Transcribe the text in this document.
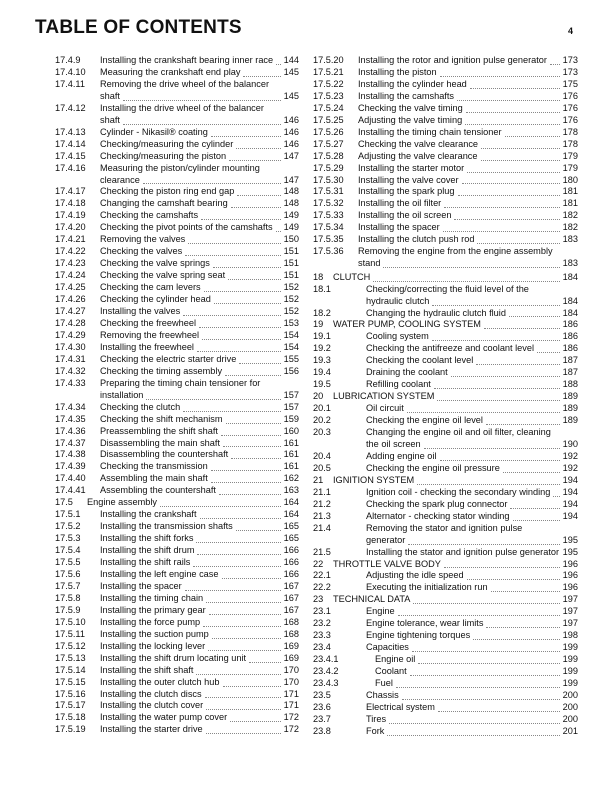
TABLE OF CONTENTS	4
17.4.9 Installing the crankshaft bearing inner race	144
17.4.10 Measuring the crankshaft end play	145
17.4.11 Removing the drive wheel of the balancer shaft	145
17.4.12 Installing the drive wheel of the balancer shaft	146
17.4.13 Cylinder - Nikasil® coating	146
17.4.14 Checking/measuring the cylinder	146
17.4.15 Checking/measuring the piston	147
17.4.16 Measuring the piston/cylinder mounting clearance	147
17.4.17 Checking the piston ring end gap	148
17.4.18 Changing the camshaft bearing	148
17.4.19 Checking the camshafts	149
17.4.20 Checking the pivot points of the camshafts	149
17.4.21 Removing the valves	150
17.4.22 Checking the valves	151
17.4.23 Checking the valve springs	151
17.4.24 Checking the valve spring seat	151
17.4.25 Checking the cam levers	152
17.4.26 Checking the cylinder head	152
17.4.27 Installing the valves	152
17.4.28 Checking the freewheel	153
17.4.29 Removing the freewheel	154
17.4.30 Installing the freewheel	154
17.4.31 Checking the electric starter drive	155
17.4.32 Checking the timing assembly	156
17.4.33 Preparing the timing chain tensioner for installation	157
17.4.34 Checking the clutch	157
17.4.35 Checking the shift mechanism	159
17.4.36 Preassembling the shift shaft	160
17.4.37 Disassembling the main shaft	161
17.4.38 Disassembling the countershaft	161
17.4.39 Checking the transmission	161
17.4.40 Assembling the main shaft	162
17.4.41 Assembling the countershaft	163
17.5 Engine assembly	164
17.5.1 Installing the crankshaft	164
17.5.2 Installing the transmission shafts	165
17.5.3 Installing the shift forks	165
17.5.4 Installing the shift drum	166
17.5.5 Installing the shift rails	166
17.5.6 Installing the left engine case	166
17.5.7 Installing the spacer	167
17.5.8 Installing the timing chain	167
17.5.9 Installing the primary gear	167
17.5.10 Installing the force pump	168
17.5.11 Installing the suction pump	168
17.5.12 Installing the locking lever	169
17.5.13 Installing the shift drum locating unit	169
17.5.14 Installing the shift shaft	170
17.5.15 Installing the outer clutch hub	170
17.5.16 Installing the clutch discs	171
17.5.17 Installing the clutch cover	171
17.5.18 Installing the water pump cover	172
17.5.19 Installing the starter drive	172
17.5.20 Installing the rotor and ignition pulse generator	173
17.5.21 Installing the piston	173
17.5.22 Installing the cylinder head	175
17.5.23 Installing the camshafts	176
17.5.24 Checking the valve timing	176
17.5.25 Adjusting the valve timing	176
17.5.26 Installing the timing chain tensioner	178
17.5.27 Checking the valve clearance	178
17.5.28 Adjusting the valve clearance	179
17.5.29 Installing the starter motor	179
17.5.30 Installing the valve cover	180
17.5.31 Installing the spark plug	181
17.5.32 Installing the oil filter	181
17.5.33 Installing the oil screen	182
17.5.34 Installing the spacer	182
17.5.35 Installing the clutch push rod	183
17.5.36 Removing the engine from the engine assembly stand	183
18 CLUTCH	184
18.1	Checking/correcting the fluid level of the hydraulic clutch	184
18.2	Changing the hydraulic clutch fluid	184
19 WATER PUMP, COOLING SYSTEM	186
19.1	Cooling system	186
19.2	Checking the antifreeze and coolant level	186
19.3	Checking the coolant level	187
19.4	Draining the coolant	187
19.5	Refilling coolant	188
20 LUBRICATION SYSTEM	189
20.1	Oil circuit	189
20.2	Checking the engine oil level	189
20.3	Changing the engine oil and oil filter, cleaning the oil screen	190
20.4	Adding engine oil	192
20.5	Checking the engine oil pressure	192
21 IGNITION SYSTEM	194
21.1	Ignition coil - checking the secondary winding	194
21.2	Checking the spark plug connector	194
21.3	Alternator - checking stator winding	194
21.4	Removing the stator and ignition pulse generator	195
21.5	Installing the stator and ignition pulse generator 195
22 THROTTLE VALVE BODY	196
22.1	Adjusting the idle speed	196
22.2	Executing the initialization run	196
23 TECHNICAL DATA	197
23.1	Engine	197
23.2	Engine tolerance, wear limits	197
23.3	Engine tightening torques	198
23.4	Capacities	199
23.4.1	Engine oil	199
23.4.2	Coolant	199
23.4.3	Fuel	199
23.5	Chassis	200
23.6	Electrical system	200
23.7	Tires	200
23.8	Fork	201
